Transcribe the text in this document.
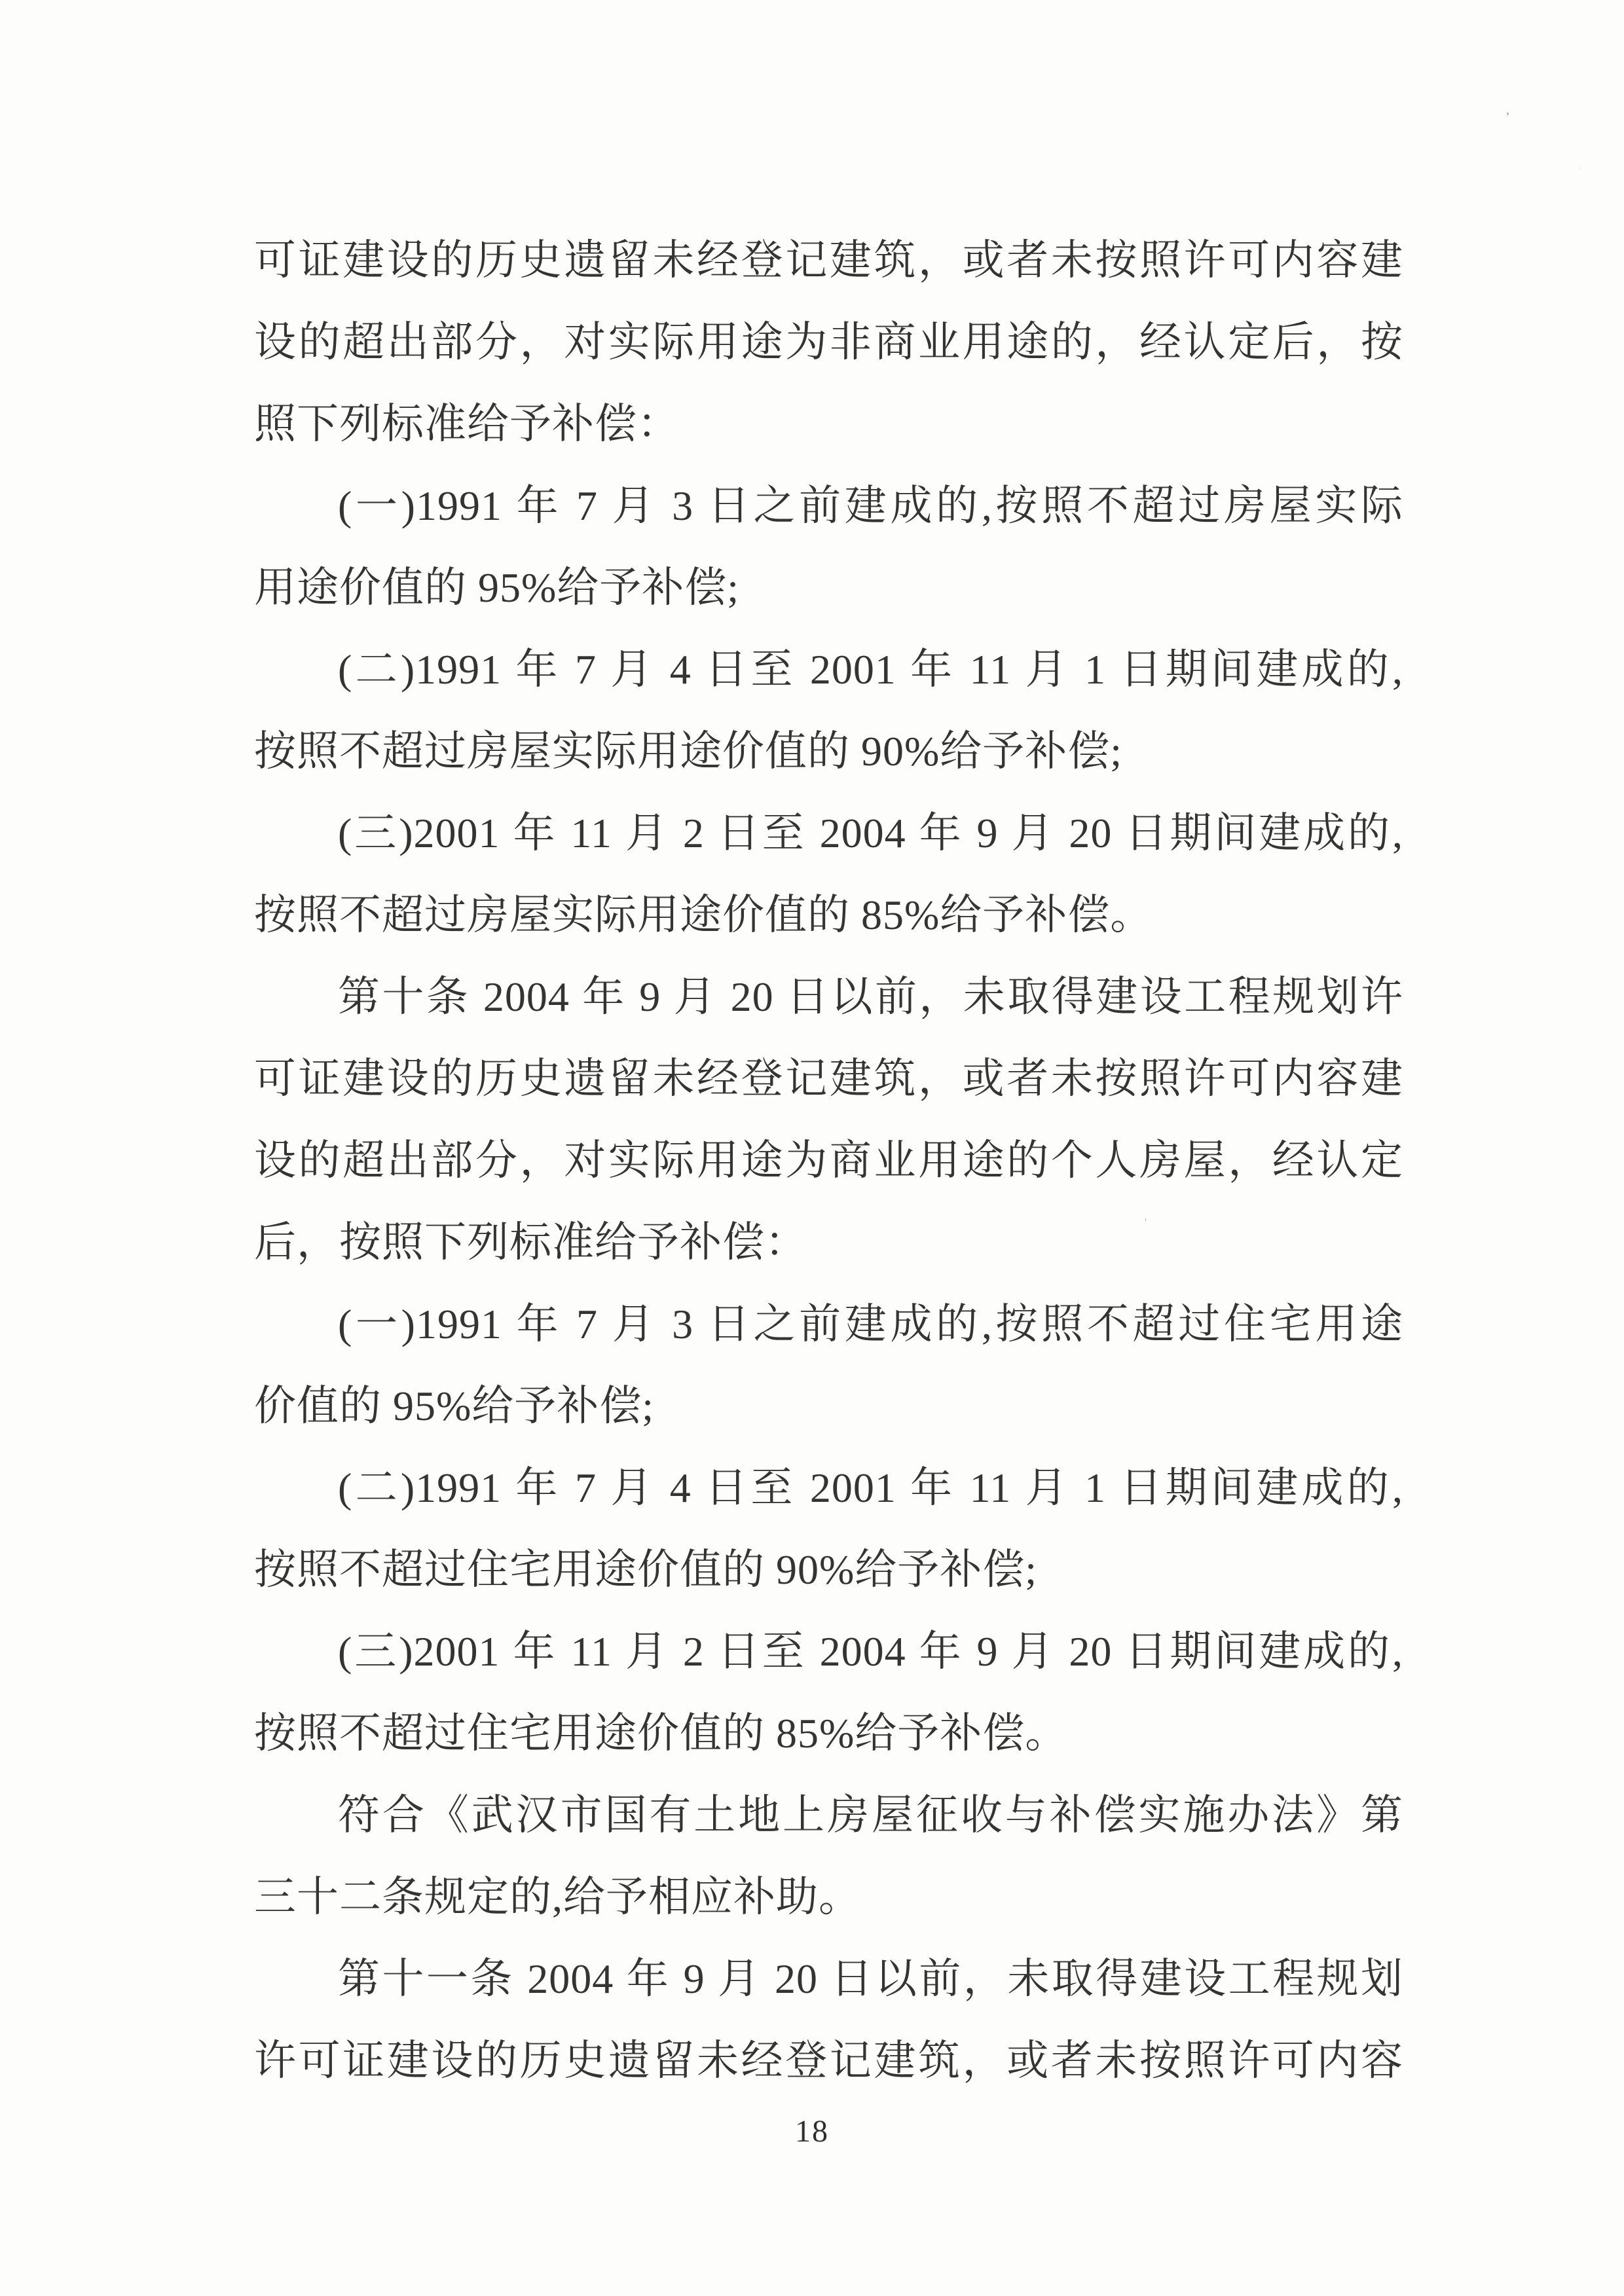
可证建设的历史遗留未经登记建筑，或者未按照许可内容建
设的超出部分，对实际用途为非商业用途的，经认定后，按
照下列标准给予补偿：
(一)1991 年 7 月 3 日之前建成的,按照不超过房屋实际
用途价值的 95%给予补偿;
(二)1991 年 7 月 4 日至 2001 年 11 月 1 日期间建成的,
按照不超过房屋实际用途价值的 90%给予补偿;
(三)2001 年 11 月 2 日至 2004 年 9 月 20 日期间建成的,
按照不超过房屋实际用途价值的 85%给予补偿。
第十条 2004 年 9 月 20 日以前，未取得建设工程规划许
可证建设的历史遗留未经登记建筑，或者未按照许可内容建
设的超出部分，对实际用途为商业用途的个人房屋，经认定
后，按照下列标准给予补偿：
(一)1991 年 7 月 3 日之前建成的,按照不超过住宅用途
价值的 95%给予补偿;
(二)1991 年 7 月 4 日至 2001 年 11 月 1 日期间建成的,
按照不超过住宅用途价值的 90%给予补偿;
(三)2001 年 11 月 2 日至 2004 年 9 月 20 日期间建成的,
按照不超过住宅用途价值的 85%给予补偿。
符合《武汉市国有土地上房屋征收与补偿实施办法》第
三十二条规定的,给予相应补助。
第十一条 2004 年 9 月 20 日以前，未取得建设工程规划
许可证建设的历史遗留未经登记建筑，或者未按照许可内容
18
,
·
'
